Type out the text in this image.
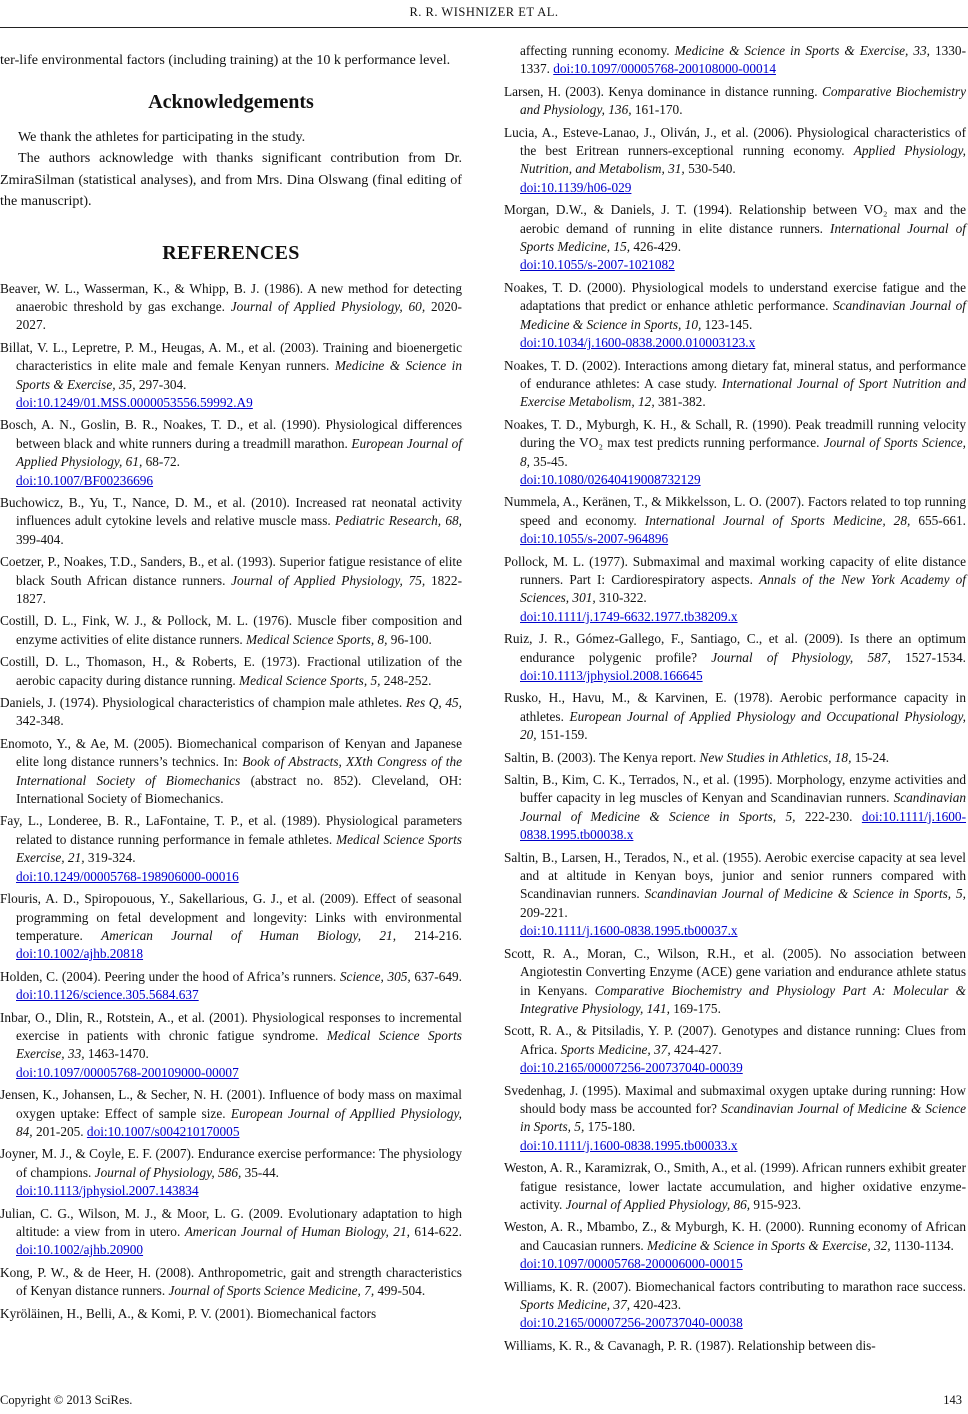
R. R. WISHNIZER ET AL.

ter-life environmental factors (including training) at the 10 k performance level.

Acknowledgements

We thank the athletes for participating in the study.

The authors acknowledge with thanks significant contribution from Dr. ZmiraSilman (statistical analyses), and from Mrs. Dina Olswang (final editing of the manuscript).

REFERENCES

Beaver, W. L., Wasserman, K., & Whipp, B. J. (1986). A new method for detecting anaerobic threshold by gas exchange. Journal of Applied Physiology, 60, 2020-2027.

Billat, V. L., Lepretre, P. M., Heugas, A. M., et al. (2003). Training and bioenergetic characteristics in elite male and female Kenyan runners. Medicine & Science in Sports & Exercise, 35, 297-304.
doi:10.1249/01.MSS.0000053556.59992.A9

Bosch, A. N., Goslin, B. R., Noakes, T. D., et al. (1990). Physiological differences between black and white runners during a treadmill marathon. European Journal of Applied Physiology, 61, 68-72.
doi:10.1007/BF00236696

Buchowicz, B., Yu, T., Nance, D. M., et al. (2010). Increased rat neonatal activity influences adult cytokine levels and relative muscle mass. Pediatric Research, 68, 399-404.

Coetzer, P., Noakes, T.D., Sanders, B., et al. (1993). Superior fatigue resistance of elite black South African distance runners. Journal of Applied Physiology, 75, 1822-1827.

Costill, D. L., Fink, W. J., & Pollock, M. L. (1976). Muscle fiber composition and enzyme activities of elite distance runners. Medical Science Sports, 8, 96-100.

Costill, D. L., Thomason, H., & Roberts, E. (1973). Fractional utilization of the aerobic capacity during distance running. Medical Science Sports, 5, 248-252.

Daniels, J. (1974). Physiological characteristics of champion male athletes. Res Q, 45, 342-348.

Enomoto, Y., & Ae, M. (2005). Biomechanical comparison of Kenyan and Japanese elite long distance runners’s technics. In: Book of Abstracts, XXth Congress of the International Society of Biomechanics (abstract no. 852). Cleveland, OH: International Society of Biomechanics.

Fay, L., Londeree, B. R., LaFontaine, T. P., et al. (1989). Physiological parameters related to distance running performance in female athletes. Medical Science Sports Exercise, 21, 319-324.
doi:10.1249/00005768-198906000-00016

Flouris, A. D., Spiropouous, Y., Sakellarious, G. J., et al. (2009). Effect of seasonal programming on fetal development and longevity: Links with environmental temperature. American Journal of Human Biology, 21, 214-216. doi:10.1002/ajhb.20818

Holden, C. (2004). Peering under the hood of Africa’s runners. Science, 305, 637-649. doi:10.1126/science.305.5684.637

Inbar, O., Dlin, R., Rotstein, A., et al. (2001). Physiological responses to incremental exercise in patients with chronic fatigue syndrome. Medical Science Sports Exercise, 33, 1463-1470.
doi:10.1097/00005768-200109000-00007

Jensen, K., Johansen, L., & Secher, N. H. (2001). Influence of body mass on maximal oxygen uptake: Effect of sample size. European Journal of Appllied Physiology, 84, 201-205. doi:10.1007/s004210170005

Joyner, M. J., & Coyle, E. F. (2007). Endurance exercise performance: The physiology of champions. Journal of Physiology, 586, 35-44.
doi:10.1113/jphysiol.2007.143834

Julian, C. G., Wilson, M. J., & Moor, L. G. (2009. Evolutionary adaptation to high altitude: a view from in utero. American Journal of Human Biology, 21, 614-622. doi:10.1002/ajhb.20900

Kong, P. W., & de Heer, H. (2008). Anthropometric, gait and strength characteristics of Kenyan distance runners. Journal of Sports Science Medicine, 7, 499-504.

Kyröläinen, H., Belli, A., & Komi, P. V. (2001). Biomechanical factors

affecting running economy. Medicine & Science in Sports & Exercise, 33, 1330-1337. doi:10.1097/00005768-200108000-00014

Larsen, H. (2003). Kenya dominance in distance running. Comparative Biochemistry and Physiology, 136, 161-170.

Lucia, A., Esteve-Lanao, J., Oliván, J., et al. (2006). Physiological characteristics of the best Eritrean runners-exceptional running economy. Applied Physiology, Nutrition, and Metabolism, 31, 530-540.
doi:10.1139/h06-029

Morgan, D.W., & Daniels, J. T. (1994). Relationship between VO₂ max and the aerobic demand of running in elite distance runners. International Journal of Sports Medicine, 15, 426-429.
doi:10.1055/s-2007-1021082

Noakes, T. D. (2000). Physiological models to understand exercise fatigue and the adaptations that predict or enhance athletic performance. Scandinavian Journal of Medicine & Science in Sports, 10, 123-145.
doi:10.1034/j.1600-0838.2000.010003123.x

Noakes, T. D. (2002). Interactions among dietary fat, mineral status, and performance of endurance athletes: A case study. International Journal of Sport Nutrition and Exercise Metabolism, 12, 381-382.

Noakes, T. D., Myburgh, K. H., & Schall, R. (1990). Peak treadmill running velocity during the VO₂ max test predicts running performance. Journal of Sports Science, 8, 35-45.
doi:10.1080/02640419008732129

Nummela, A., Keränen, T., & Mikkelsson, L. O. (2007). Factors related to top running speed and economy. International Journal of Sports Medicine, 28, 655-661. doi:10.1055/s-2007-964896

Pollock, M. L. (1977). Submaximal and maximal working capacity of elite distance runners. Part I: Cardiorespiratory aspects. Annals of the New York Academy of Sciences, 301, 310-322.
doi:10.1111/j.1749-6632.1977.tb38209.x

Ruiz, J. R., Gómez-Gallego, F., Santiago, C., et al. (2009). Is there an optimum endurance polygenic profile? Journal of Physiology, 587, 1527-1534. doi:10.1113/jphysiol.2008.166645

Rusko, H., Havu, M., & Karvinen, E. (1978). Aerobic performance capacity in athletes. European Journal of Applied Physiology and Occupational Physiology, 20, 151-159.

Saltin, B. (2003). The Kenya report. New Studies in Athletics, 18, 15-24.

Saltin, B., Kim, C. K., Terrados, N., et al. (1995). Morphology, enzyme activities and buffer capacity in leg muscles of Kenyan and Scandinavian runners. Scandinavian Journal of Medicine & Science in Sports, 5, 222-230. doi:10.1111/j.1600-0838.1995.tb00038.x

Saltin, B., Larsen, H., Terados, N., et al. (1955). Aerobic exercise capacity at sea level and at altitude in Kenyan boys, junior and senior runners compared with Scandinavian runners. Scandinavian Journal of Medicine & Science in Sports, 5, 209-221.
doi:10.1111/j.1600-0838.1995.tb00037.x

Scott, R. A., Moran, C., Wilson, R.H., et al. (2005). No association between Angiotestin Converting Enzyme (ACE) gene variation and endurance athlete status in Kenyans. Comparative Biochemistry and Physiology Part A: Molecular & Integrative Physiology, 141, 169-175.

Scott, R. A., & Pitsiladis, Y. P. (2007). Genotypes and distance running: Clues from Africa. Sports Medicine, 37, 424-427.
doi:10.2165/00007256-200737040-00039

Svedenhag, J. (1995). Maximal and submaximal oxygen uptake during running: How should body mass be accounted for? Scandinavian Journal of Medicine & Science in Sports, 5, 175-180.
doi:10.1111/j.1600-0838.1995.tb00033.x

Weston, A. R., Karamizrak, O., Smith, A., et al. (1999). African runners exhibit greater fatigue resistance, lower lactate accumulation, and higher oxidative enzyme-activity. Journal of Applied Physiology, 86, 915-923.

Weston, A. R., Mbambo, Z., & Myburgh, K. H. (2000). Running economy of African and Caucasian runners. Medicine & Science in Sports & Exercise, 32, 1130-1134.
doi:10.1097/00005768-200006000-00015

Williams, K. R. (2007). Biomechanical factors contributing to marathon race success. Sports Medicine, 37, 420-423.
doi:10.2165/00007256-200737040-00038

Williams, K. R., & Cavanagh, P. R. (1987). Relationship between dis-

Copyright © 2013 SciRes.	143
